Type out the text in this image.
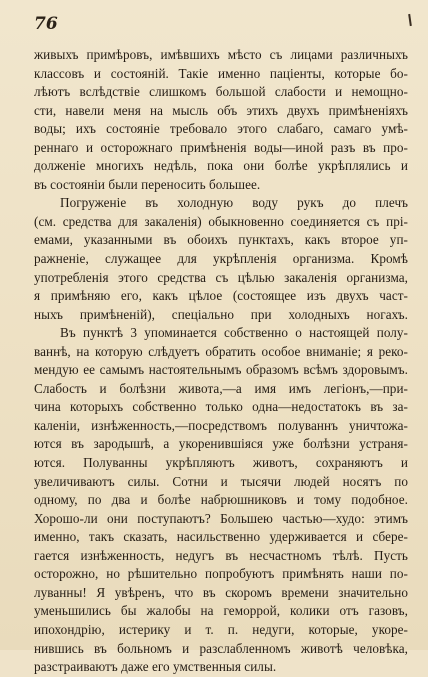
76
живыхъ примѣровъ, имѣвшихъ мѣсто съ лицами различныхъ
классовъ и состояній. Такіе именно паціенты, которые бо-
лѣютъ вслѣдствіе слишкомъ большой слабости и немощно-
сти, навели меня на мысль объ этихъ двухъ примѣненіяхъ
воды; ихъ состояніе требовало этого слабаго, самаго умѣ-
реннаго и осторожнаго примѣненія воды—иной разъ въ про-
долженіе многихъ недѣль, пока они болѣе укрѣплялись и
въ состояніи были переносить большее.
Погруженіе въ холодную воду рукъ до плечъ
(см. средства для закаленія) обыкновенно соединяется съ прі-
емами, указанными въ обоихъ пунктахъ, какъ второе уп-
ражненіе, служащее для укрѣпленія организма. Кромѣ
употребленія этого средства съ цѣлью закаленія организма,
я примѣняю его, какъ цѣлое (состоящее изъ двухъ част-
ныхъ примѣненій), спеціально при холодныхъ ногахъ.
Въ пунктѣ 3 упоминается собственно о настоящей полу-
ваннѣ, на которую слѣдуетъ обратить особое вниманіе; я реко-
мендую ее самымъ настоятельнымъ образомъ всѣмъ здоровымъ.
Слабость и болѣзни живота,—а имя имъ легіонъ,—при-
чина которыхъ собственно только одна—недостатокъ въ за-
каленіи, изнѣженность,—посредствомъ полуваннъ уничтожа-
ются въ зародышѣ, а укоренившіяся уже болѣзни устраня-
ются. Полуванны укрѣпляютъ животъ, сохраняютъ и
увеличиваютъ силы. Сотни и тысячи людей носятъ по
одному, по два и болѣе набрюшниковъ и тому подобное.
Хорошо-ли они поступаютъ? Большею частью—худо: этимъ
именно, такъ сказать, насильственно удерживается и сберe-
гается изнѣженность, недугъ въ несчастномъ тѣлѣ. Пусть
осторожно, но рѣшительно попробуютъ примѣнять наши по-
луванны! Я увѣренъ, что въ скоромъ времени значительно
уменьшились бы жалобы на геморрой, колики отъ газовъ,
ипохондрію, истерику и т. п. недуги, которые, укоре-
нившись въ больномъ и разслабленномъ животѣ человѣка,
разстраиваютъ даже его умственныя силы.
